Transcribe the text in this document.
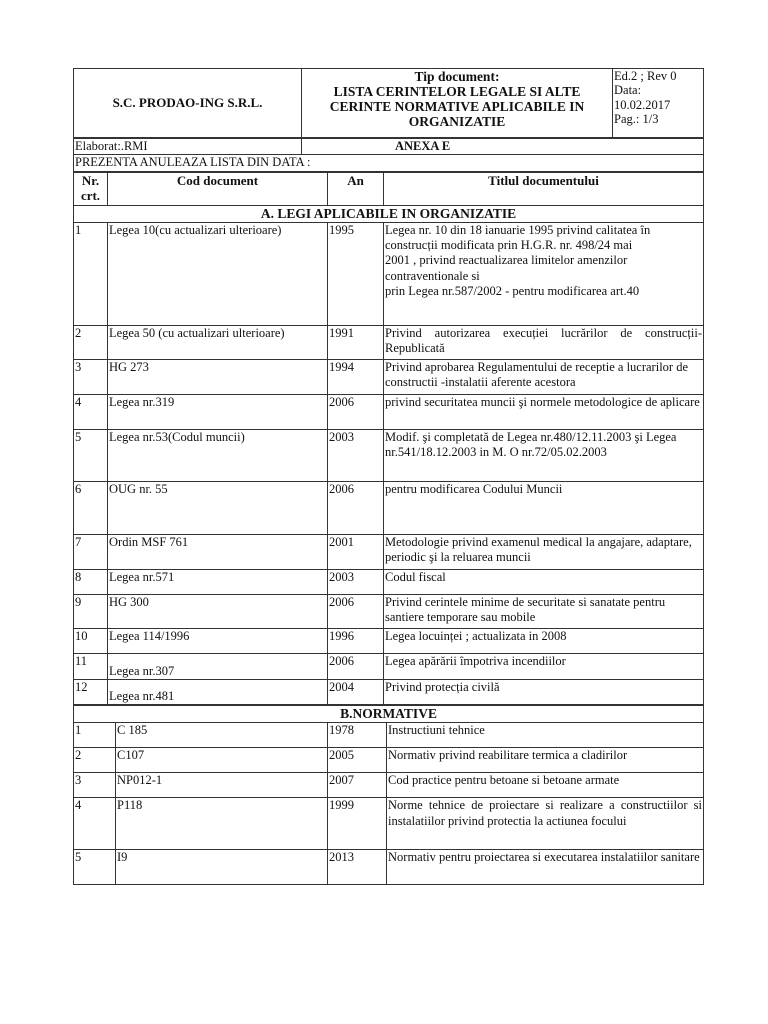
S.C. PRODAO-ING S.R.L.	
Tip document:
LISTA CERINTELOR LEGALE SI ALTE CERINTE NORMATIVE APLICABILE IN ORGANIZATIE

Ed.2 ; Rev 0
Data:
10.02.2017
Pag.: 1/3
Elaborat:.RMI	ANEXA E
PREZENTA ANULEAZA LISTA DIN DATA :
Nr. crt.	Cod document	An	Titlul documentului
A. LEGI APLICABILE IN ORGANIZATIE			
1	Legea 10(cu actualizari ulterioare)	1995	Legea nr. 10 din 18 ianuarie 1995 privind calitatea în construcții modificata prin H.G.R. nr. 498/24 mai
2001 , privind reactualizarea limitelor amenzilor contraventionale si
prin Legea nr.587/2002 - pentru modificarea art.40

2	Legea 50 (cu actualizari ulterioare)	1991	Privind autorizarea execuției lucrărilor de construcții- Republicată
3	HG 273	1994	Privind aprobarea Regulamentului de receptie a lucrarilor de constructii -instalatii aferente acestora
4	Legea nr.319	2006	privind securitatea muncii şi normele metodologice de aplicare
5	Legea nr.53(Codul muncii)	2003	Modif. şi completată de Legea nr.480/12.11.2003 şi Legea nr.541/18.12.2003 in M. O nr.72/05.02.2003
6	OUG nr. 55	2006	pentru modificarea Codului Muncii
7	Ordin MSF 761	2001	Metodologie privind examenul medical la angajare, adaptare, periodic şi la reluarea muncii
8	Legea nr.571	2003	Codul fiscal
9	HG 300	2006	Privind cerintele minime de securitate si sanatate pentru santiere temporare sau mobile
10	Legea 114/1996	1996	Legea locuinței ; actualizata in 2008
11	Legea nr.307	2006	Legea apărării împotriva incendiilor
12	Legea nr.481	2004	Privind protecția civilă
B.NORMATIVE			
1	C 185	1978	Instructiuni tehnice
2	C107	2005	Normativ privind reabilitare termica a cladirilor
3	NP012-1	2007	Cod practice pentru betoane si betoane armate
4	P118	1999	Norme tehnice de proiectare si realizare a constructiilor si instalatiilor privind protectia la actiunea focului
5	I9	2013	Normativ pentru proiectarea si executarea instalatiilor sanitare
